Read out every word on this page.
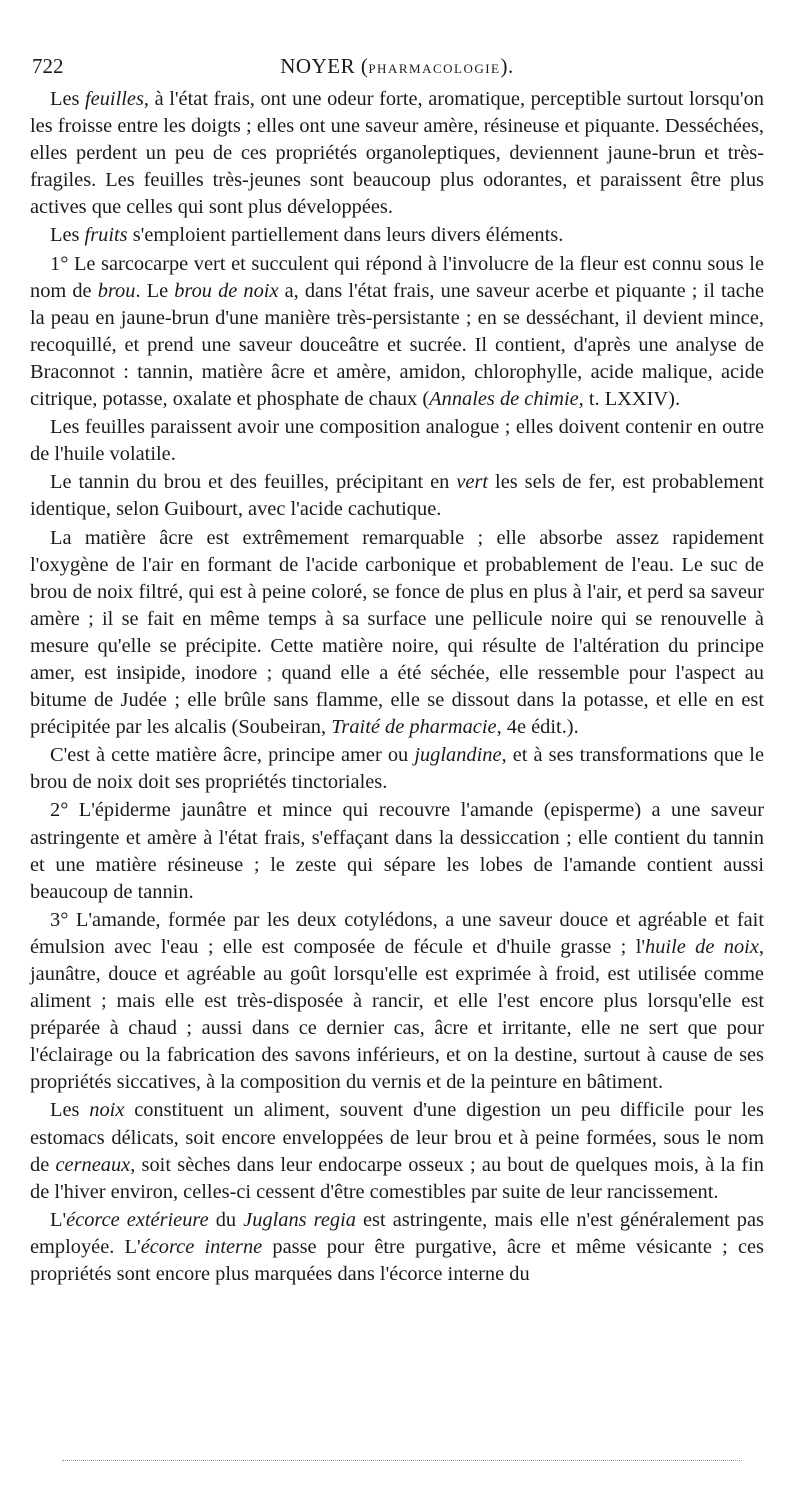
722	NOYER (PHARMACOLOGIE).

Les feuilles, à l'état frais, ont une odeur forte, aromatique, perceptible surtout lorsqu'on les froisse entre les doigts ; elles ont une saveur amère, résineuse et piquante. Desséchées, elles perdent un peu de ces propriétés organoleptiques, deviennent jaune-brun et très-fragiles. Les feuilles très-jeunes sont beaucoup plus odorantes, et paraissent être plus actives que celles qui sont plus développées.

Les fruits s'emploient partiellement dans leurs divers éléments.

1° Le sarcocarpe vert et succulent qui répond à l'involucre de la fleur est connu sous le nom de brou. Le brou de noix a, dans l'état frais, une saveur acerbe et piquante ; il tache la peau en jaune-brun d'une manière très-persistante ; en se desséchant, il devient mince, recoquillé, et prend une saveur douceâtre et sucrée. Il contient, d'après une analyse de Braconnot : tannin, matière âcre et amère, amidon, chlorophylle, acide malique, acide citrique, potasse, oxalate et phosphate de chaux (Annales de chimie, t. LXXIV).

Les feuilles paraissent avoir une composition analogue ; elles doivent contenir en outre de l'huile volatile.

Le tannin du brou et des feuilles, précipitant en vert les sels de fer, est probablement identique, selon Guibourt, avec l'acide cachutique.

La matière âcre est extrêmement remarquable ; elle absorbe assez rapidement l'oxygène de l'air en formant de l'acide carbonique et probablement de l'eau. Le suc de brou de noix filtré, qui est à peine coloré, se fonce de plus en plus à l'air, et perd sa saveur amère ; il se fait en même temps à sa surface une pellicule noire qui se renouvelle à mesure qu'elle se précipite. Cette matière noire, qui résulte de l'altération du principe amer, est insipide, inodore ; quand elle a été séchée, elle ressemble pour l'aspect au bitume de Judée ; elle brûle sans flamme, elle se dissout dans la potasse, et elle en est précipitée par les alcalis (Soubeiran, Traité de pharmacie, 4e édit.).

C'est à cette matière âcre, principe amer ou juglandine, et à ses transformations que le brou de noix doit ses propriétés tinctoriales.

2° L'épiderme jaunâtre et mince qui recouvre l'amande (episperme) a une saveur astringente et amère à l'état frais, s'effaçant dans la dessiccation ; elle contient du tannin et une matière résineuse ; le zeste qui sépare les lobes de l'amande contient aussi beaucoup de tannin.

3° L'amande, formée par les deux cotylédons, a une saveur douce et agréable et fait émulsion avec l'eau ; elle est composée de fécule et d'huile grasse ; l'huile de noix, jaunâtre, douce et agréable au goût lorsqu'elle est exprimée à froid, est utilisée comme aliment ; mais elle est très-disposée à rancir, et elle l'est encore plus lorsqu'elle est préparée à chaud ; aussi dans ce dernier cas, âcre et irritante, elle ne sert que pour l'éclairage ou la fabrication des savons inférieurs, et on la destine, surtout à cause de ses propriétés siccatives, à la composition du vernis et de la peinture en bâtiment.

Les noix constituent un aliment, souvent d'une digestion un peu difficile pour les estomacs délicats, soit encore enveloppées de leur brou et à peine formées, sous le nom de cerneaux, soit sèches dans leur endocarpe osseux ; au bout de quelques mois, à la fin de l'hiver environ, celles-ci cessent d'être comestibles par suite de leur rancissement.

L'écorce extérieure du Juglans regia est astringente, mais elle n'est généralement pas employée. L'écorce interne passe pour être purgative, âcre et même vésicante ; ces propriétés sont encore plus marquées dans l'écorce interne du
